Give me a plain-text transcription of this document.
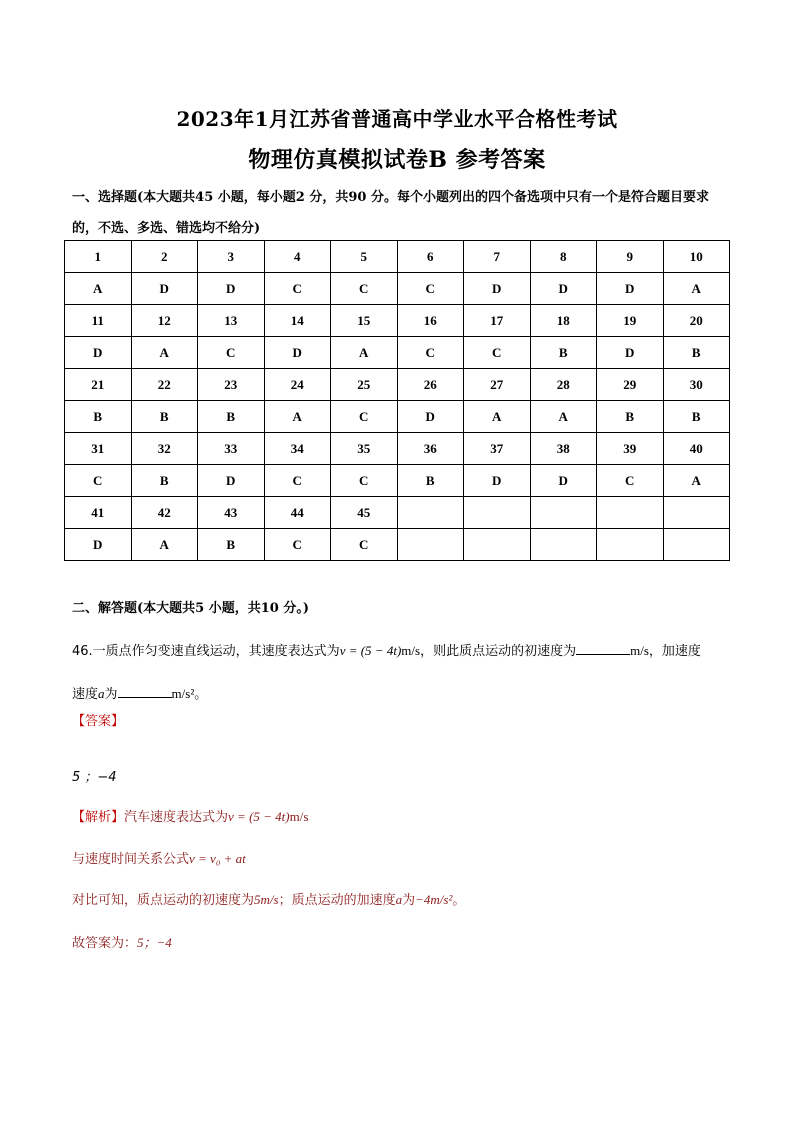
2023年1月江苏省普通高中学业水平合格性考试
物理仿真模拟试卷B 参考答案
一、选择题(本大题共45 小题，每小题2 分，共90 分。每个小题列出的四个备选项中只有一个是符合题目要求的，不选、多选、错选均不给分)
1	2	3	4	5	6	7	8	9	10
A	D	D	C	C	C	D	D	D	A
11	12	13	14	15	16	17	18	19	20
D	A	C	D	A	C	C	B	D	B
21	22	23	24	25	26	27	28	29	30
B	B	B	A	C	D	A	A	B	B
31	32	33	34	35	36	37	38	39	40
C	B	D	C	C	B	D	D	C	A
41	42	43	44	45					
D	A	B	C	C					
二、解答题(本大题共5 小题，共10 分。)
46.一质点作匀变速直线运动，其速度表达式为v = (5 − 4t)m/s，则此质点运动的初速度为	m/s，加速度
速度a为	m/s²。
【答案】
5 ；−4
【解析】汽车速度表达式为v = (5 − 4t)m/s
与速度时间关系公式v = v₀ + at
对比可知，质点运动的初速度为5m/s；质点运动的加速度a为−4m/s²。
故答案为：5；−4
